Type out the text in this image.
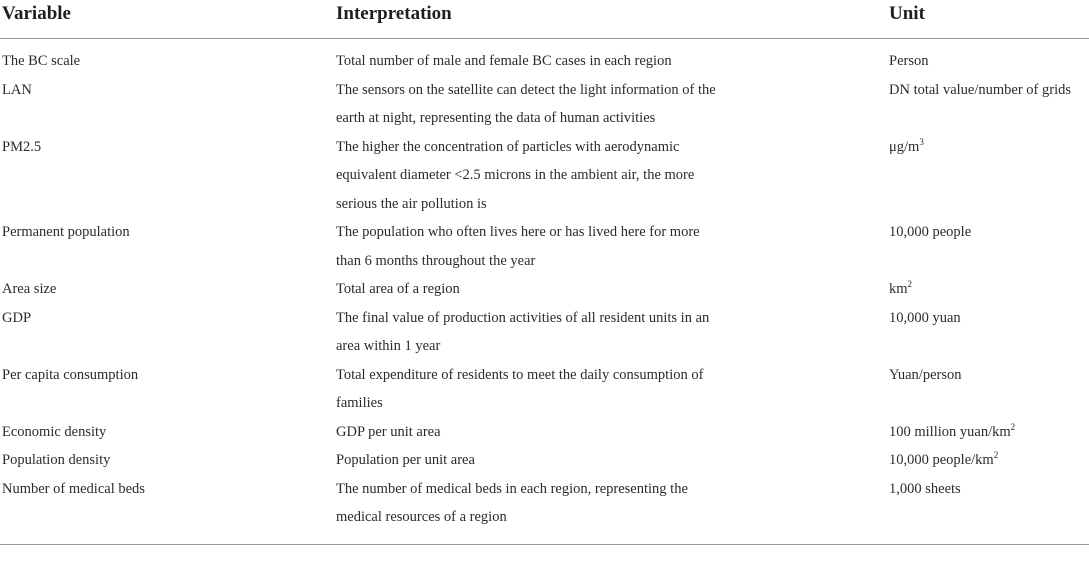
Variable	Interpretation	Unit
The BC scale	Total number of male and female BC cases in each region	Person
LAN	The sensors on the satellite can detect the light information of the earth at night, representing the data of human activities	DN total value/number of grids
PM2.5	The higher the concentration of particles with aerodynamic equivalent diameter <2.5 microns in the ambient air, the more serious the air pollution is	$\mu g/m^3$
Permanent population	The population who often lives here or has lived here for more than 6 months throughout the year	10,000 people
Area size	Total area of a region	$km^2$
GDP	The final value of production activities of all resident units in an area within 1 year	10,000 yuan
Per capita consumption	Total expenditure of residents to meet the daily consumption of families	Yuan/person
Economic density	GDP per unit area	100 million yuan/$km^2$
Population density	Population per unit area	10,000 people/$km^2$
Number of medical beds	The number of medical beds in each region, representing the medical resources of a region	1,000 sheets
